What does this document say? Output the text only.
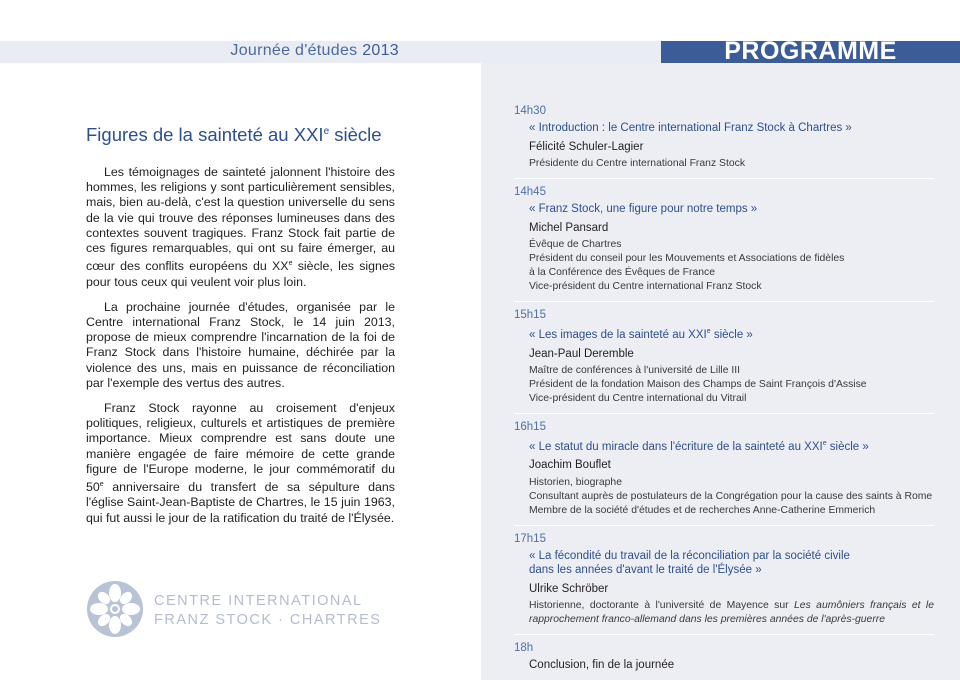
Journée d'études 2013	PROGRAMME
Figures de la sainteté au XXIe siècle

Les témoignages de sainteté jalonnent l'histoire des hommes, les religions y sont particulièrement sensibles, mais, bien au-delà, c'est la question universelle du sens de la vie qui trouve des réponses lumineuses dans des contextes souvent tragiques. Franz Stock fait partie de ces figures remarquables, qui ont su faire émerger, au cœur des conflits européens du XXe siècle, les signes pour tous ceux qui veulent voir plus loin.

La prochaine journée d'études, organisée par le Centre international Franz Stock, le 14 juin 2013, propose de mieux comprendre l'incarnation de la foi de Franz Stock dans l'histoire humaine, déchirée par la violence des uns, mais en puissance de réconciliation par l'exemple des vertus des autres.

Franz Stock rayonne au croisement d'enjeux politiques, religieux, culturels et artistiques de première importance. Mieux comprendre est sans doute une manière engagée de faire mémoire de cette grande figure de l'Europe moderne, le jour commémoratif du 50e anniversaire du transfert de sa sépulture dans l'église Saint-Jean-Baptiste de Chartres, le 15 juin 1963, qui fut aussi le jour de la ratification du traité de l'Élysée.

CENTRE INTERNATIONAL
FRANZ STOCK · CHARTRES
14h30
« Introduction : le Centre international Franz Stock à Chartres »
Félicité Schuler-Lagier
Présidente du Centre international Franz Stock
14h45
« Franz Stock, une figure pour notre temps »
Michel Pansard
Évêque de Chartres
Président du conseil pour les Mouvements et Associations de fidèles
à la Conférence des Évêques de France
Vice-président du Centre international Franz Stock
15h15
« Les images de la sainteté au XXIe siècle »
Jean-Paul Deremble
Maître de conférences à l'université de Lille III
Président de la fondation Maison des Champs de Saint François d'Assise
Vice-président du Centre international du Vitrail
16h15
« Le statut du miracle dans l'écriture de la sainteté au XXIe siècle »
Joachim Bouflet
Historien, biographe
Consultant auprès de postulateurs de la Congrégation pour la cause des saints à Rome
Membre de la société d'études et de recherches Anne-Catherine Emmerich
17h15
« La fécondité du travail de la réconciliation par la société civile
dans les années d'avant le traité de l'Élysée »
Ulrike Schröber
Historienne, doctorante à l'université de Mayence sur Les aumôniers français et le rapprochement franco-allemand dans les premières années de l'après-guerre
18h
Conclusion, fin de la journée
